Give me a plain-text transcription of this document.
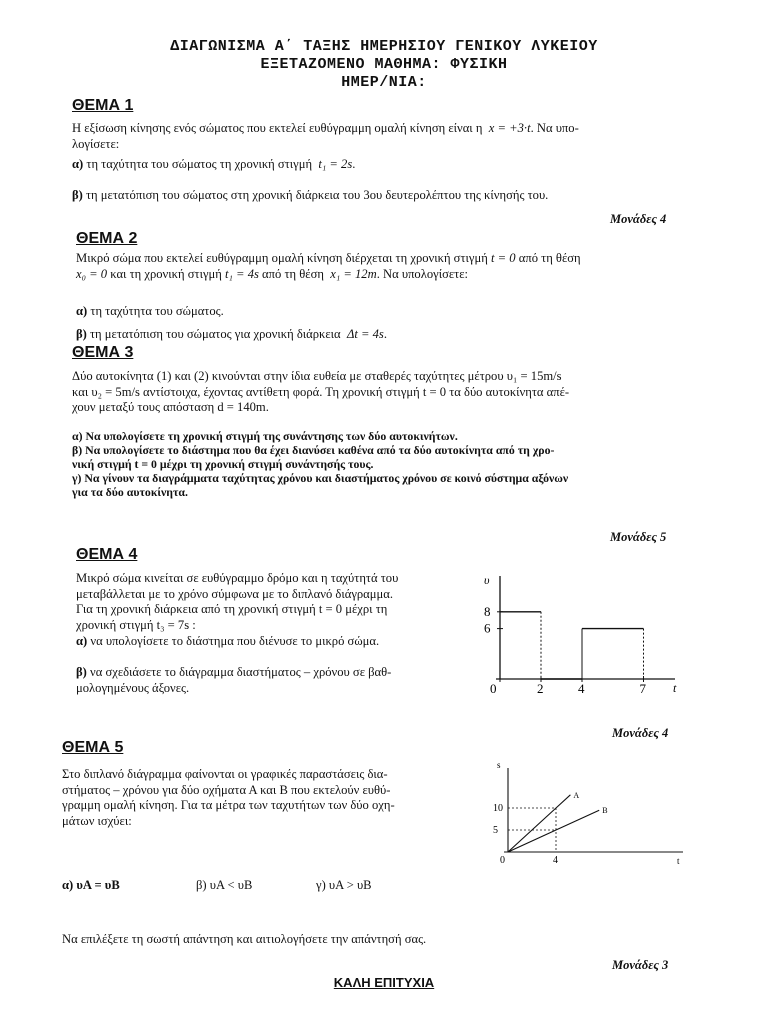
ΔΙΑΓΩΝΙΣΜΑ Α΄ ΤΑΞΗΣ ΗΜΕΡΗΣΙΟΥ ΓΕΝΙΚΟΥ ΛΥΚΕΙΟΥ
ΕΞΕΤΑΖΟΜΕΝΟ ΜΑΘΗΜΑ: ΦΥΣΙΚΗ
ΗΜΕΡ/ΝΙΑ:
ΘΕΜΑ 1
Η εξίσωση κίνησης ενός σώματος που εκτελεί ευθύγραμμη ομαλή κίνηση είναι η x = +3·t. Να υπο-
λογίσετε:
α) τη ταχύτητα του σώματος τη χρονική στιγμή t₁ = 2s.
β) τη μετατόπιση του σώματος στη χρονική διάρκεια του 3ου δευτερολέπτου της κίνησής του.
Μονάδες 4
ΘΕΜΑ 2
Μικρό σώμα που εκτελεί ευθύγραμμη ομαλή κίνηση διέρχεται τη χρονική στιγμή t = 0 από τη θέση
x₀ = 0 και τη χρονική στιγμή t₁ = 4s από τη θέση x₁ = 12m. Να υπολογίσετε:
α) τη ταχύτητα του σώματος.
β) τη μετατόπιση του σώματος για χρονική διάρκεια Δt = 4s.
ΘΕΜΑ 3
Δύο αυτοκίνητα (1) και (2) κινούνται στην ίδια ευθεία με σταθερές ταχύτητες μέτρου υ₁ = 15m/s
και υ₂ = 5m/s αντίστοιχα, έχοντας αντίθετη φορά. Τη χρονική στιγμή t = 0 τα δύο αυτοκίνητα απέ-
χουν μεταξύ τους απόσταση d = 140m.
α) Να υπολογίσετε τη χρονική στιγμή της συνάντησης των δύο αυτοκινήτων.
β) Να υπολογίσετε το διάστημα που θα έχει διανύσει καθένα από τα δύο αυτοκίνητα από τη χρο-
νική στιγμή t = 0 μέχρι τη χρονική στιγμή συνάντησής τους.
γ) Να γίνουν τα διαγράμματα ταχύτητας χρόνου και διαστήματος χρόνου σε κοινό σύστημα αξόνων
για τα δύο αυτοκίνητα.
Μονάδες 5
ΘΕΜΑ 4
Μικρό σώμα κινείται σε ευθύγραμμο δρόμο και η ταχύτητά του
μεταβάλλεται με το χρόνο σύμφωνα με το διπλανό διάγραμμα.
Για τη χρονική διάρκεια από τη χρονική στιγμή t = 0 μέχρι τη
χρονική στιγμή t₃ = 7s :
α) να υπολογίσετε το διάστημα που διένυσε το μικρό σώμα.

β) να σχεδιάσετε το διάγραμμα διαστήματος – χρόνου σε βαθ-
μολογημένους άξονες.
υ
t
8
6
0	2	4	7
Μονάδες 4
ΘΕΜΑ 5
Στο διπλανό διάγραμμα φαίνονται οι γραφικές παραστάσεις δια-
στήματος – χρόνου για δύο οχήματα Α και Β που εκτελούν ευθύ-
γραμμη ομαλή κίνηση. Για τα μέτρα των ταχυτήτων των δύο οχη-
μάτων ισχύει:
s
t
A
B
5
10
0	4
α) υA = υB	β) υA < υB	γ) υA > υB
Να επιλέξετε τη σωστή απάντηση και αιτιολογήσετε την απάντησή σας.
Μονάδες 3
ΚΑΛΗ ΕΠΙΤΥΧΙΑ
